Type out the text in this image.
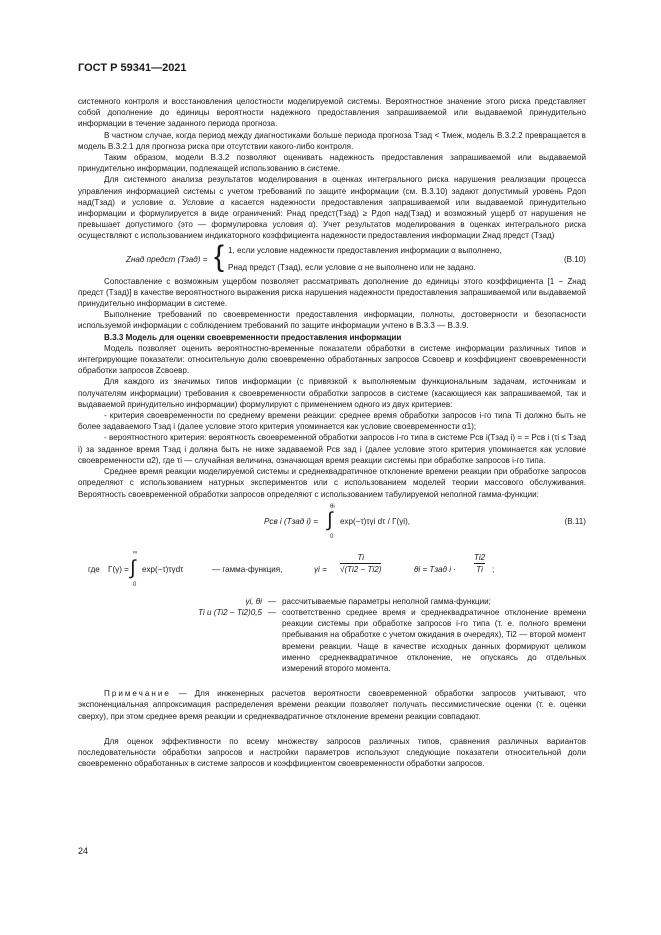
ГОСТ Р 59341—2021

системного контроля и восстановления целостности моделируемой системы. Вероятностное значение этого риска представляет собой дополнение до единицы вероятности надежного предоставления запрашиваемой или выдаваемой принудительно информации в течение заданного периода прогноза.

В частном случае, когда период между диагностиками больше периода прогноза Tзад < Tмеж, модель В.3.2.2 превращается в модель В.3.2.1 для прогноза риска при отсутствии какого-либо контроля.

Таким образом, модели В.3.2 позволяют оценивать надежность предоставления запрашиваемой или выдаваемой принудительно информации, подлежащей использованию в системе.

Для системного анализа результатов моделирования в оценках интегрального риска нарушения реализации процесса управления информацией системы с учетом требований по защите информации (см. В.3.10) задают допустимый уровень Pдоп над(Tзад) и условие α. Условие α касается надежности предоставления запрашиваемой или выдаваемой принудительно информации и формулируется в виде ограничений: Pнад предст(Tзад) ≥ Pдоп над(Tзад) и возможный ущерб от нарушения не превышает допустимого (это — формулировка условия α). Учет результатов моделирования в оценках интегрального риска осуществляют с использованием индикаторного коэффициента надежности предоставления информации Zнад предст (Tзад)

Zнад предст (Tзад) = { 1, если условие надежности предоставления информации α выполнено,
Pнад предст (Tзад), если условие α не выполнено или не задано.
(В.10)

Сопоставление с возможным ущербом позволяет рассматривать дополнение до единицы этого коэффициента [1 − Zнад предст (Tзад)] в качестве вероятностного выражения риска нарушения надежности предоставления запрашиваемой или выдаваемой принудительно информации в системе.

Выполнение требований по своевременности предоставления информации, полноты, достоверности и безопасности используемой информации с соблюдением требований по защите информации учтено в В.3.3 — В.3.9.

В.3.3 Модель для оценки своевременности предоставления информации

Модель позволяет оценить вероятностно-временные показатели обработки в системе информации различных типов и интегрирующие показатели: относительную долю своевременно обработанных запросов Cсвоевр и коэффициент своевременности обработки запросов Zсвоевр.

Для каждого из значимых типов информации (с привязкой к выполняемым функциональным задачам, источникам и получателям информации) требования к своевременности обработки запросов в системе (касающиеся как запрашиваемой, так и выдаваемой принудительно информации) формулируют с применением одного из двух критериев:

- критерия своевременности по среднему времени реакции: среднее время обработки запросов i-го типа Ti должно быть не более задаваемого Tзад i (далее условие этого критерия упоминается как условие своевременности α1);

- вероятностного критерия: вероятность своевременной обработки запросов i-го типа в системе Pсв i(Tзад i) = = Pсв i (τi ≤ Tзад i) за заданное время Tзад i должна быть не ниже задаваемой Pсв зад i (далее условие этого критерия упоминается как условие своевременности α2), где τi — случайная величина, означающая время реакции системы при обработке запросов i-го типа.

Среднее время реакции моделируемой системы и среднеквадратичное отклонение времени реакции при обработке запросов определяют с использованием натурных экспериментов или с использованием моделей теории массового обслуживания. Вероятность своевременной обработки запросов определяют с использованием табулируемой неполной гамма-функции:

Pсв i (Tзад i) =
θi
∫
0
exp(−τ)τγi dτ / Γ(γi),	(В.11)
где Γ(γ) =
∞
∫
0
exp(−τ)τγdτ	— гамма-функция,	$\gamma i = \frac{Ti}{√(Ti2 - Ti2)}$	θi = Tзад $i \cdot \frac{Ti2}{Ti}$ ;
γi, θi — рассчитываемые параметры неполной гамма-функции;
Ti и (Ti2 − Ti2)0,5 — соответственно среднее время и среднеквадратичное отклонение времени реакции системы при обработке запросов i-го типа (т. е. полного времени пребывания на обработке с учетом ожидания в очередях), Ti2 — второй момент времени реакции. Чаще в качестве исходных данных формируют целиком именно среднеквадратичное отклонение, не опускаясь до отдельных измерений второго момента.

Примечание — Для инженерных расчетов вероятности своевременной обработки запросов учитывают, что экспоненциальная аппроксимация распределения времени реакции позволяет получать пессимистические оценки (т. е. оценки сверху), при этом среднее время реакции и среднеквадратичное отклонение времени реакции совпадают.

Для оценок эффективности по всему множеству запросов различных типов, сравнения различных вариантов последовательности обработки запросов и настройки параметров используют следующие показатели относительной доли своевременно обработанных в системе запросов и коэффициентом своевременности обработки запросов.

24
